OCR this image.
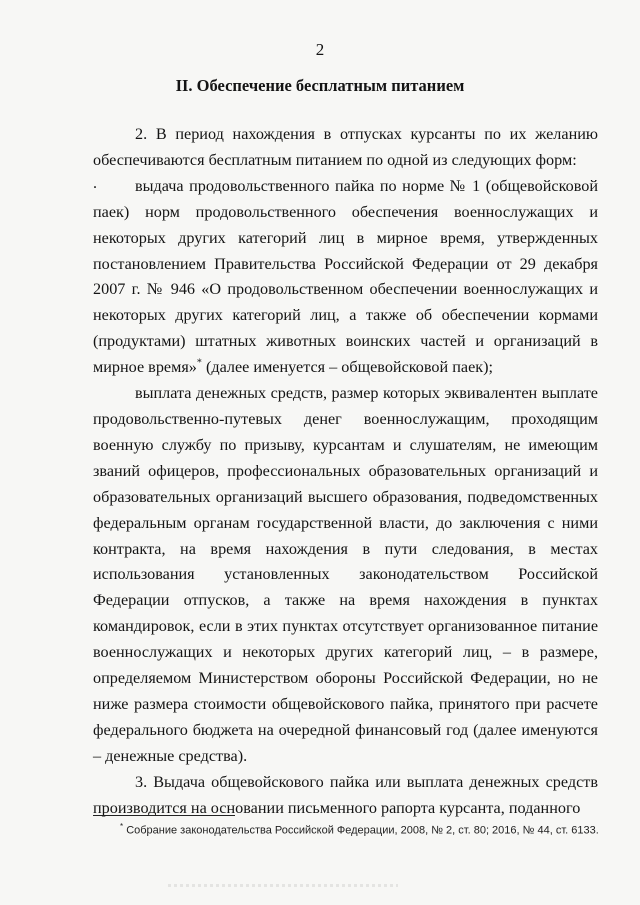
2
II. Обеспечение бесплатным питанием
.

2. В период нахождения в отпусках курсанты по их желанию обеспечиваются бесплатным питанием по одной из следующих форм:

выдача продовольственного пайка по норме № 1 (общевойсковой паек) норм продовольственного обеспечения военнослужащих и некоторых других категорий лиц в мирное время, утвержденных постановлением Правительства Российской Федерации от 29 декабря 2007 г. № 946 «О продовольственном обеспечении военнослужащих и некоторых других категорий лиц, а также об обеспечении кормами (продуктами) штатных животных воинских частей и организаций в мирное время»* (далее именуется – общевойсковой паек);

выплата денежных средств, размер которых эквивалентен выплате продовольственно-путевых денег военнослужащим, проходящим военную службу по призыву, курсантам и слушателям, не имеющим званий офицеров, профессиональных образовательных организаций и образовательных организаций высшего образования, подведомственных федеральным органам государственной власти, до заключения с ними контракта, на время нахождения в пути следования, в местах использования установленных законодательством Российской Федерации отпусков, а также на время нахождения в пунктах командировок, если в этих пунктах отсутствует организованное питание военнослужащих и некоторых других категорий лиц, – в размере, определяемом Министерством обороны Российской Федерации, но не ниже размера стоимости общевойскового пайка, принятого при расчете федерального бюджета на очередной финансовый год (далее именуются – денежные средства).

3. Выдача общевойскового пайка или выплата денежных средств производится на основании письменного рапорта курсанта, поданного

* Собрание законодательства Российской Федерации, 2008, № 2, ст. 80; 2016, № 44, ст. 6133.
